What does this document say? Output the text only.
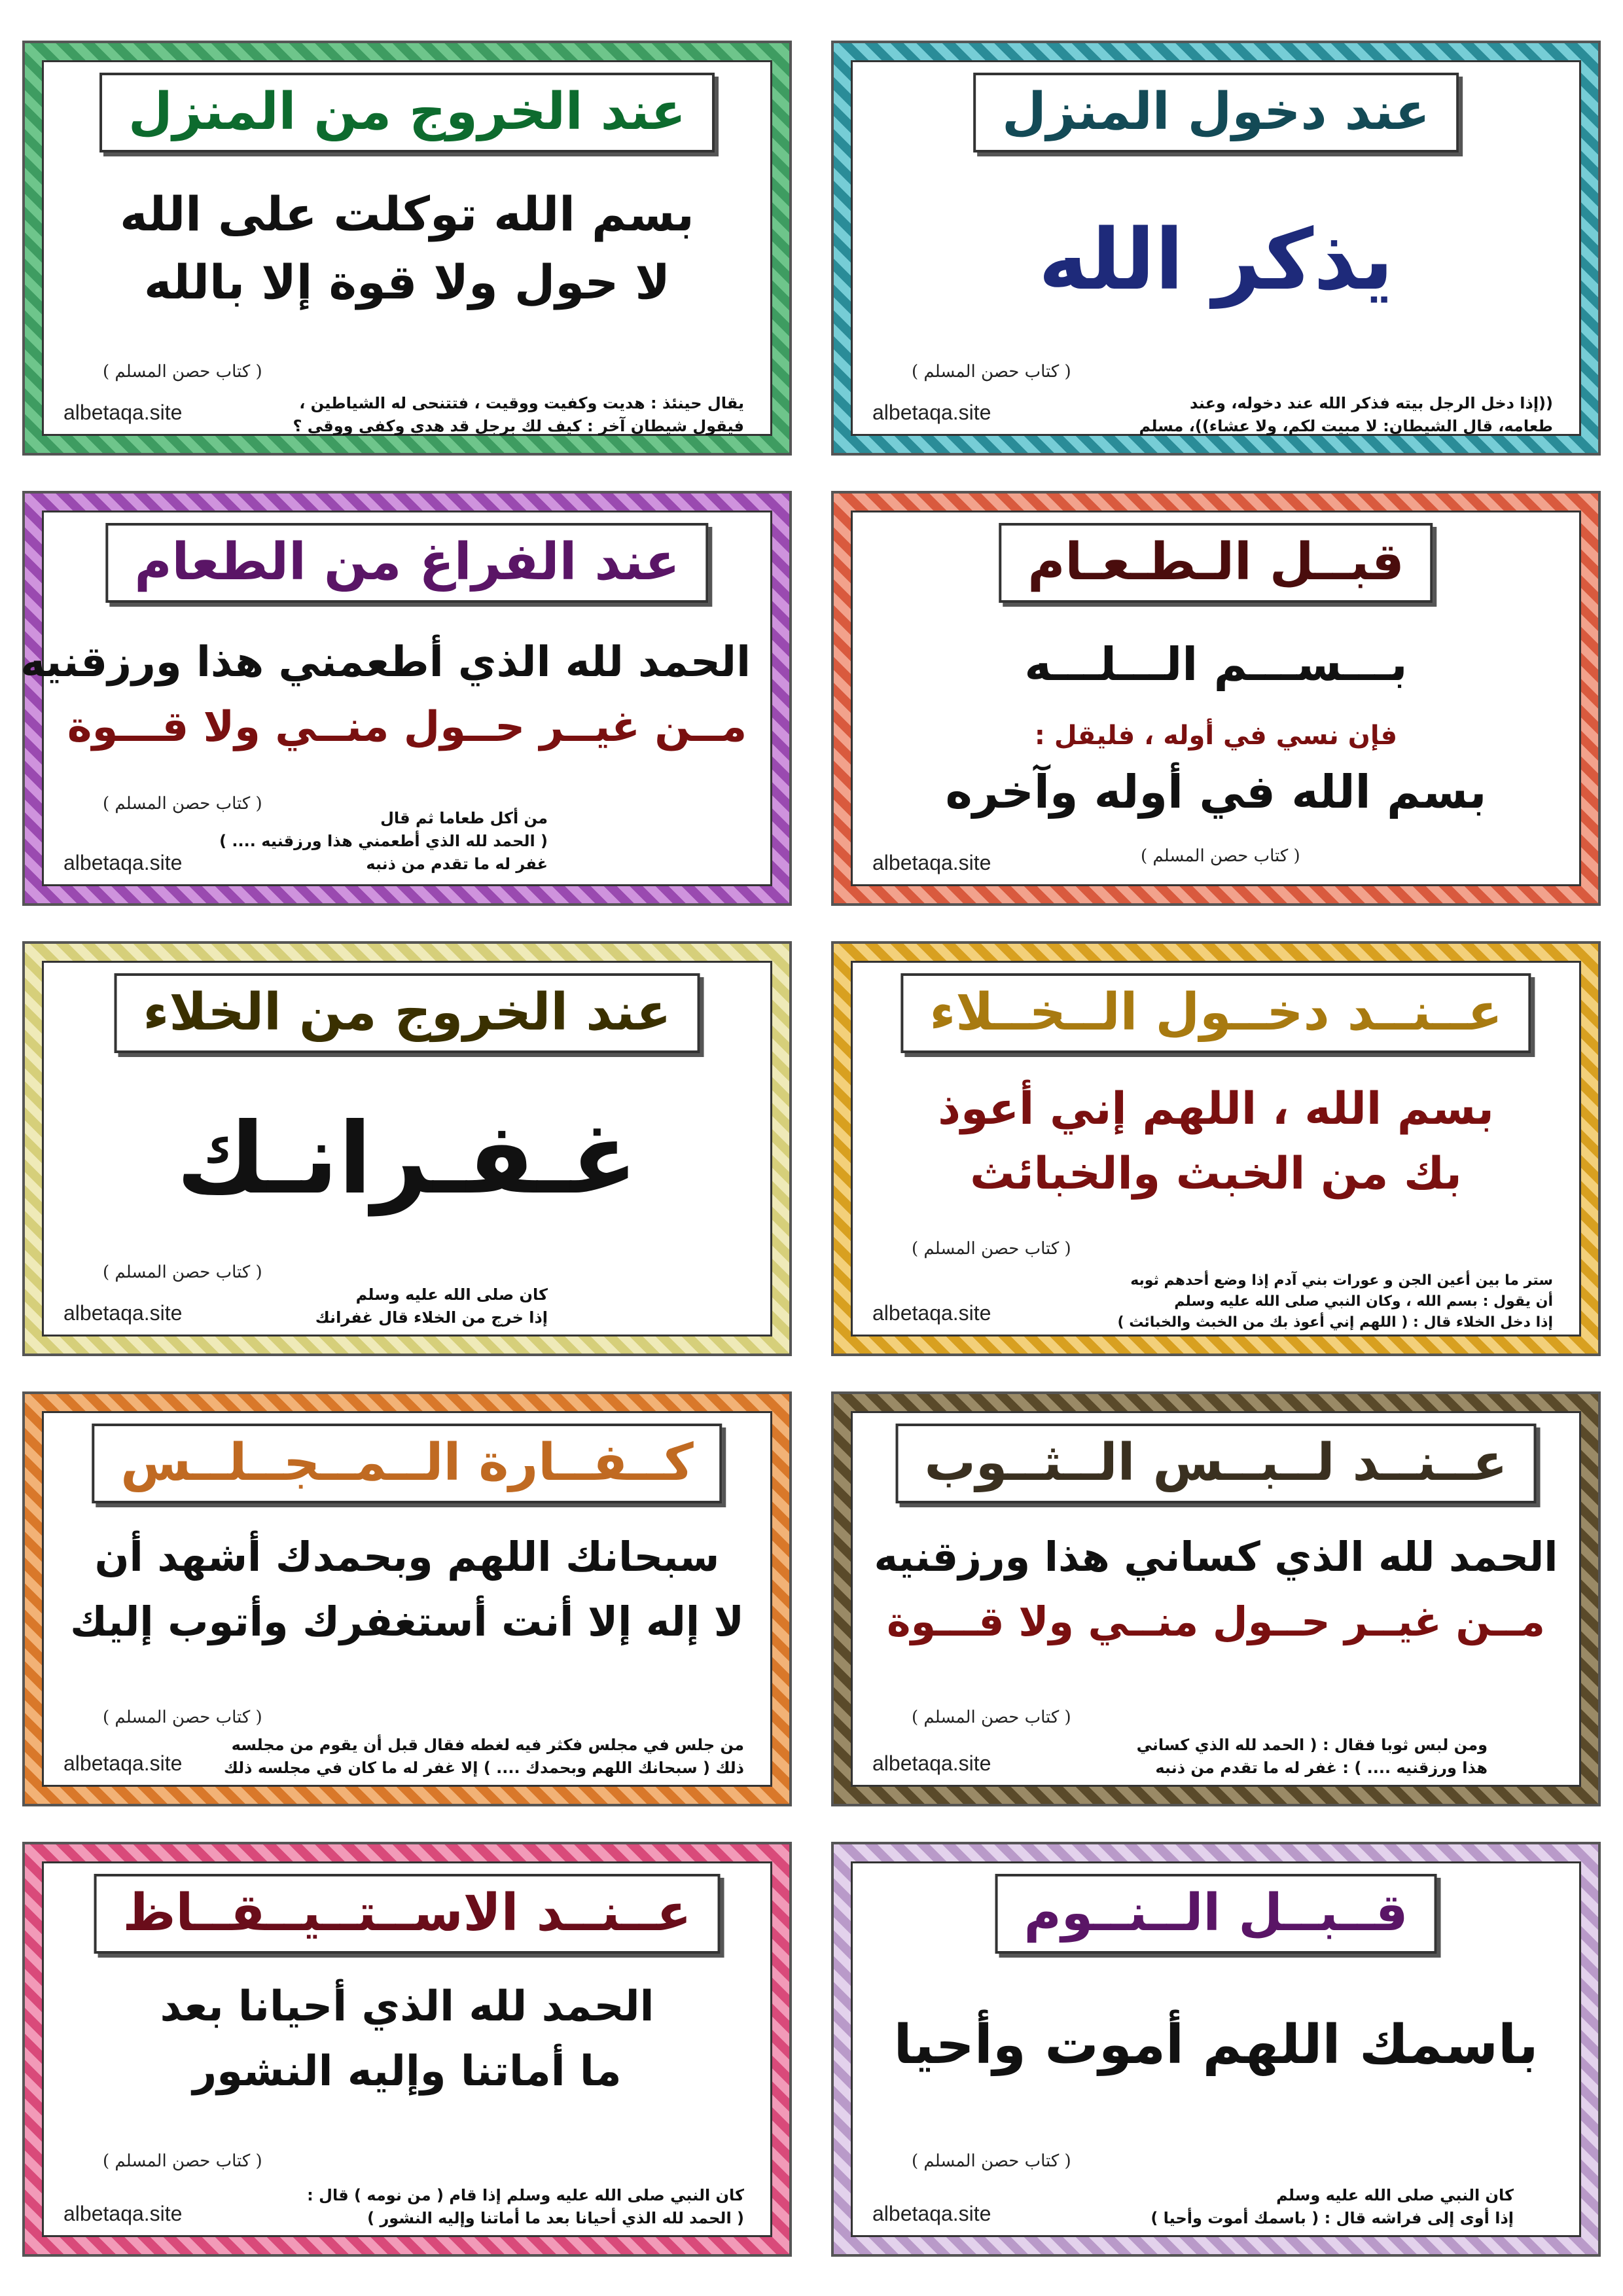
عند الخروج من المنزل
بسم الله توكلت على الله
لا حول ولا قوة إلا بالله
( كتاب حصن المسلم )
يقال حينئذ : هديت وكفيت ووقيت ، فتتنحى له الشياطين ،
فيقول شيطان آخر : كيف لك برجل قد هدي وكفي ووقي ؟
albetaqa.site
عند دخول المنزل
يذكر الله
( كتاب حصن المسلم )
((إذا دخل الرجل بيته فذكر الله عند دخوله، وعند
طعامه، قال الشيطان: لا مبيت لكم، ولا عشاء))، مسلم
albetaqa.site
عند الفراغ من الطعام
الحمد لله الذي أطعمني هذا ورزقنيه
مــن غيــر حــول منــي ولا قـــوة
( كتاب حصن المسلم )
من أكل طعاما ثم قال
( الحمد لله الذي أطعمني هذا ورزقنيه .... )
غفر له ما تقدم من ذنبه
albetaqa.site
قبــل الـطـعـام
بـــســـم الـــلـــه
فإن نسي في أوله ، فليقل :
بسم الله في أوله وآخره
( كتاب حصن المسلم )
albetaqa.site
عند الخروج من الخلاء
غـفـرانـك
( كتاب حصن المسلم )
كان صلى الله عليه وسلم
إذا خرج من الخلاء قال غفرانك
albetaqa.site
عــنــد دخــول الــخــلاء
بسم الله ، اللهم إني أعوذ
بك من الخبث والخبائث
( كتاب حصن المسلم )
ستر ما بين أعين الجن و عورات بني آدم إذا وضع أحدهم ثوبه
أن يقول : بسم الله ، وكان النبي صلى الله عليه وسلم
إذا دخل الخلاء قال : ( اللهم إني أعوذ بك من الخبث والخبائث )
albetaqa.site
كــفــارة الــمــجــلــس
سبحانك اللهم وبحمدك أشهد أن
لا إله إلا أنت أستغفرك وأتوب إليك
( كتاب حصن المسلم )
من جلس في مجلس فكثر فيه لغطه فقال قبل أن يقوم من مجلسه
ذلك ( سبحانك اللهم وبحمدك .... ) إلا غفر له ما كان في مجلسه ذلك
albetaqa.site
عــنــد لــبــس الــثــوب
الحمد لله الذي كساني هذا ورزقنيه
مــن غيــر حــول منــي ولا قـــوة
( كتاب حصن المسلم )
ومن لبس ثوبا فقال : ( الحمد لله الذي كساني
هذا ورزقنيه .... ) : غفر له ما تقدم من ذنبه
albetaqa.site
عــنــد الاســتــيــقــاظ
الحمد لله الذي أحيانا بعد
ما أماتنا وإليه النشور
( كتاب حصن المسلم )
كان النبي صلى الله عليه وسلم إذا قام ( من نومه ) قال :
( الحمد لله الذي أحيانا بعد ما أماتنا وإليه النشور )
albetaqa.site
قــبــل الــنــوم
باسمك اللهم أموت وأحيا
( كتاب حصن المسلم )
كان النبي صلى الله عليه وسلم
إذا أوى إلى فراشه قال : ( باسمك أموت وأحيا )
albetaqa.site
